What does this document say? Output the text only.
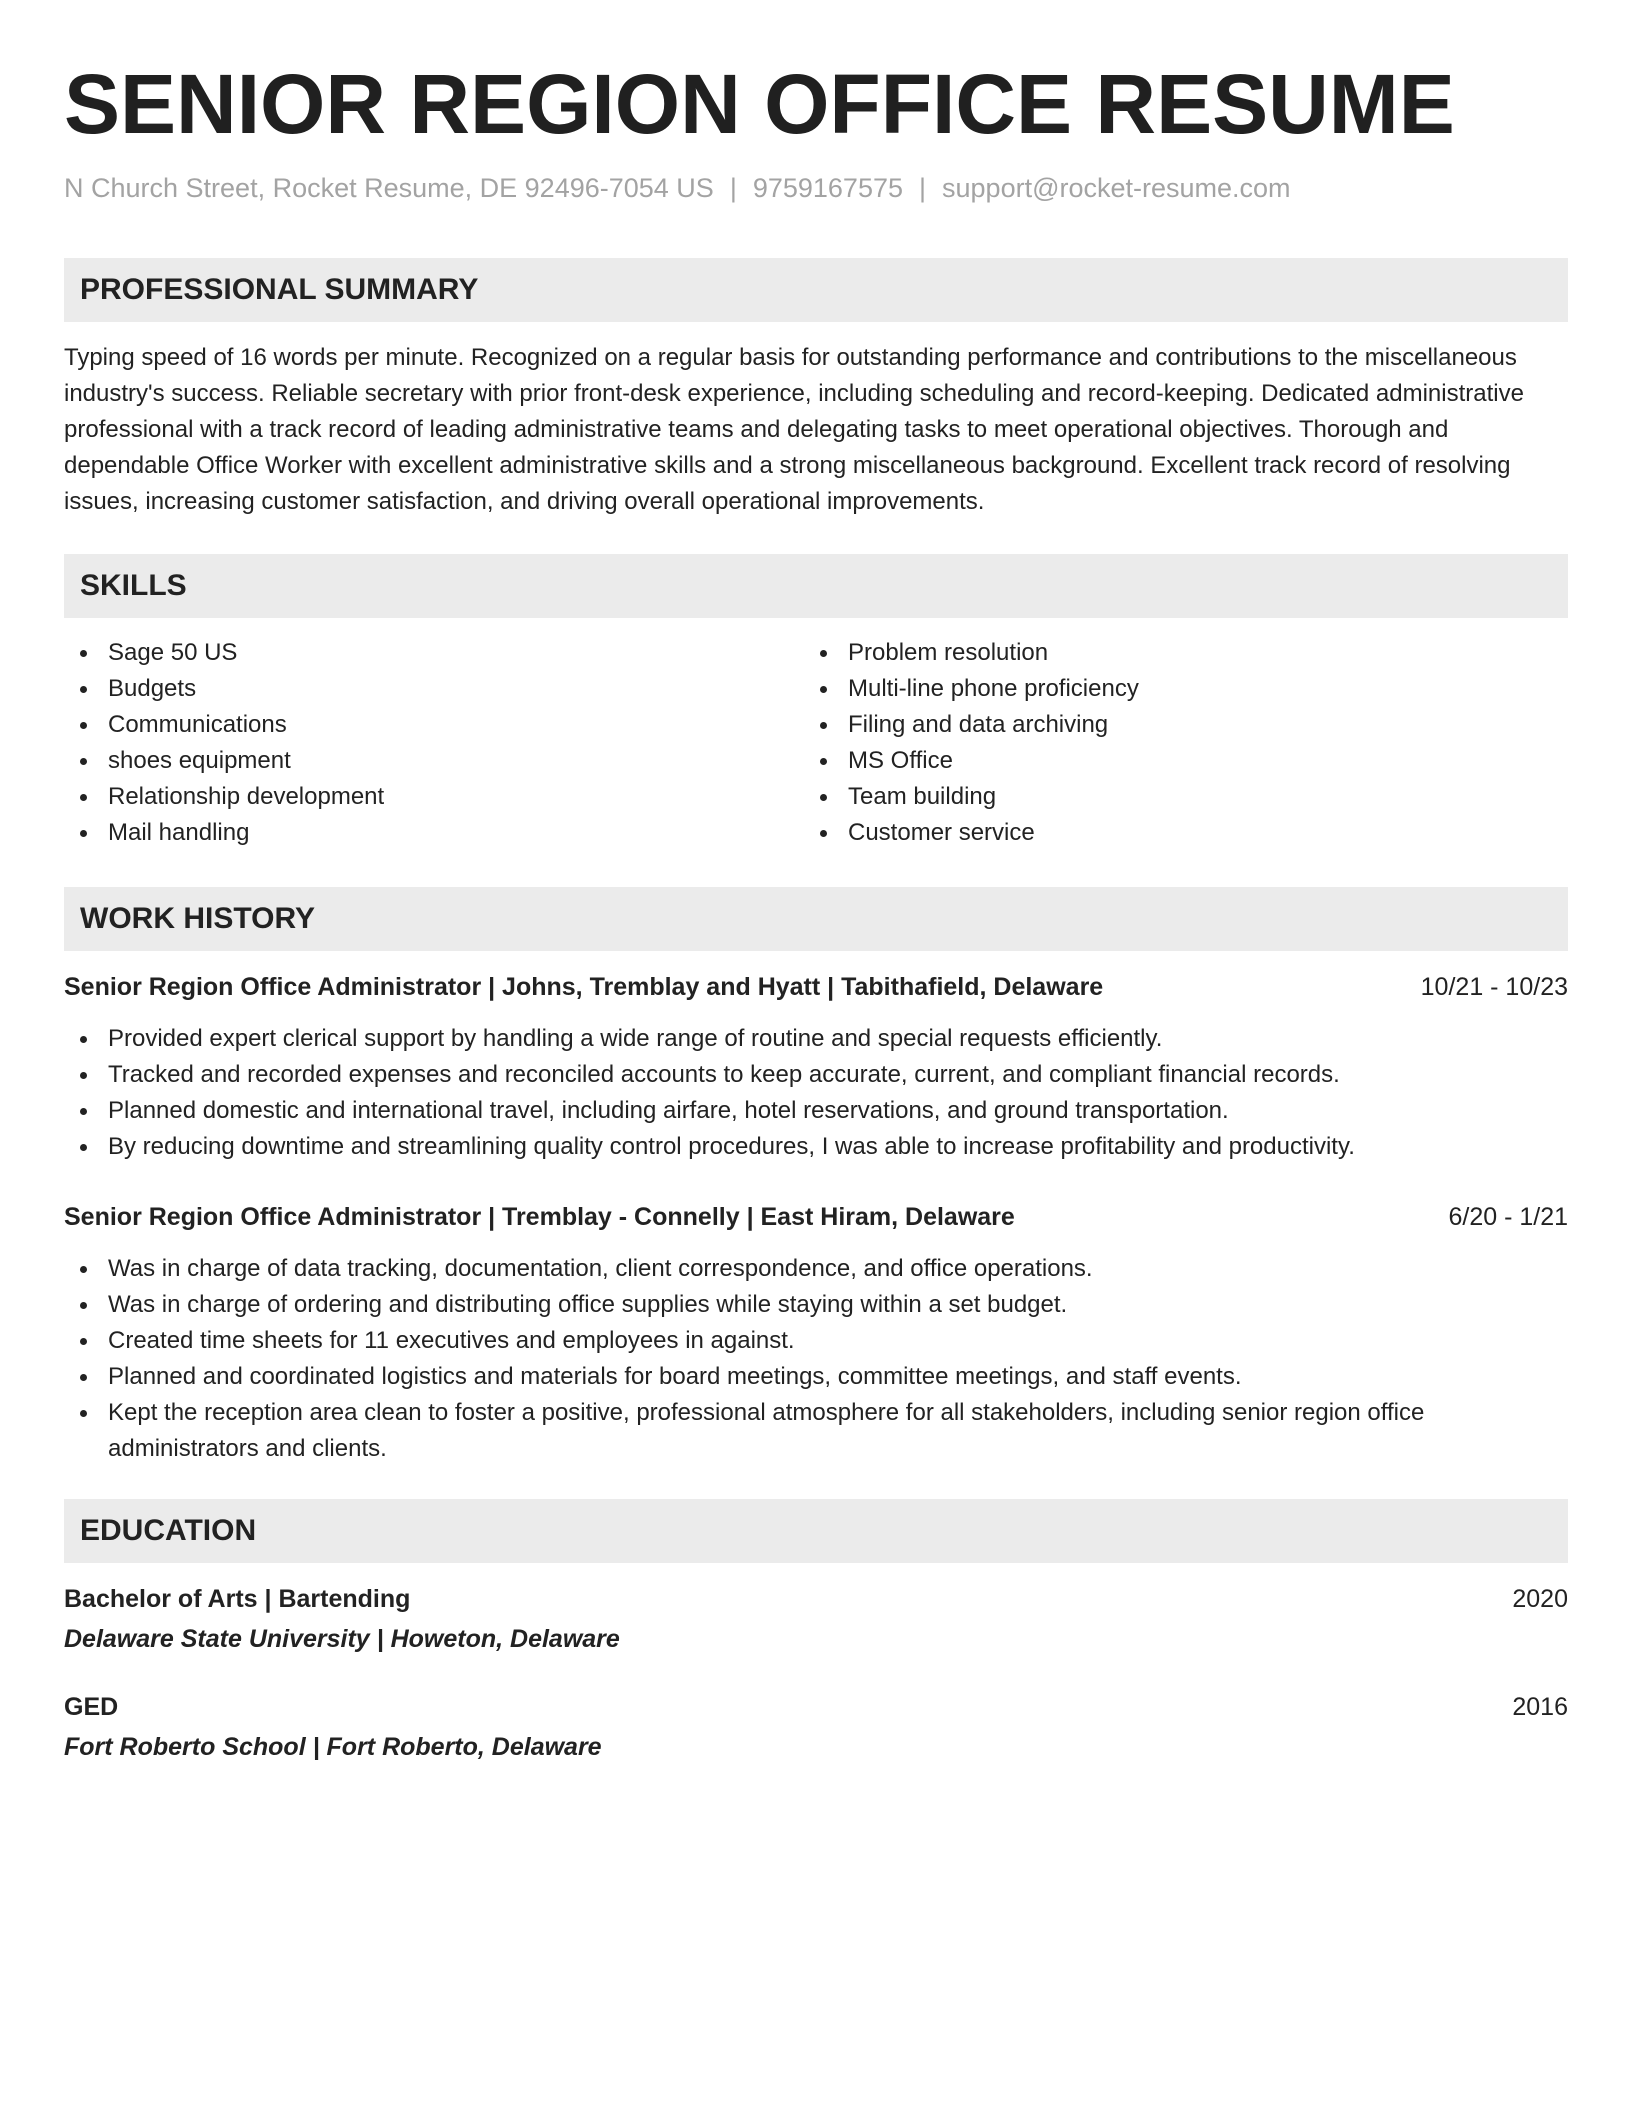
SENIOR REGION OFFICE RESUME
N Church Street, Rocket Resume, DE 92496-7054 US | 9759167575 | support@rocket-resume.com
PROFESSIONAL SUMMARY
Typing speed of 16 words per minute. Recognized on a regular basis for outstanding performance and contributions to the miscellaneous industry's success. Reliable secretary with prior front-desk experience, including scheduling and record-keeping. Dedicated administrative professional with a track record of leading administrative teams and delegating tasks to meet operational objectives. Thorough and dependable Office Worker with excellent administrative skills and a strong miscellaneous background. Excellent track record of resolving issues, increasing customer satisfaction, and driving overall operational improvements.
SKILLS
Sage 50 US
Budgets
Communications
shoes equipment
Relationship development
Mail handling
Problem resolution
Multi-line phone proficiency
Filing and data archiving
MS Office
Team building
Customer service
WORK HISTORY
Senior Region Office Administrator | Johns, Tremblay and Hyatt | Tabithafield, Delaware	10/21 - 10/23
Provided expert clerical support by handling a wide range of routine and special requests efficiently.
Tracked and recorded expenses and reconciled accounts to keep accurate, current, and compliant financial records.
Planned domestic and international travel, including airfare, hotel reservations, and ground transportation.
By reducing downtime and streamlining quality control procedures, I was able to increase profitability and productivity.
Senior Region Office Administrator | Tremblay - Connelly | East Hiram, Delaware	6/20 - 1/21
Was in charge of data tracking, documentation, client correspondence, and office operations.
Was in charge of ordering and distributing office supplies while staying within a set budget.
Created time sheets for 11 executives and employees in against.
Planned and coordinated logistics and materials for board meetings, committee meetings, and staff events.
Kept the reception area clean to foster a positive, professional atmosphere for all stakeholders, including senior region office administrators and clients.
EDUCATION
Bachelor of Arts | Bartending	2020
Delaware State University | Howeton, Delaware
GED	2016
Fort Roberto School | Fort Roberto, Delaware
